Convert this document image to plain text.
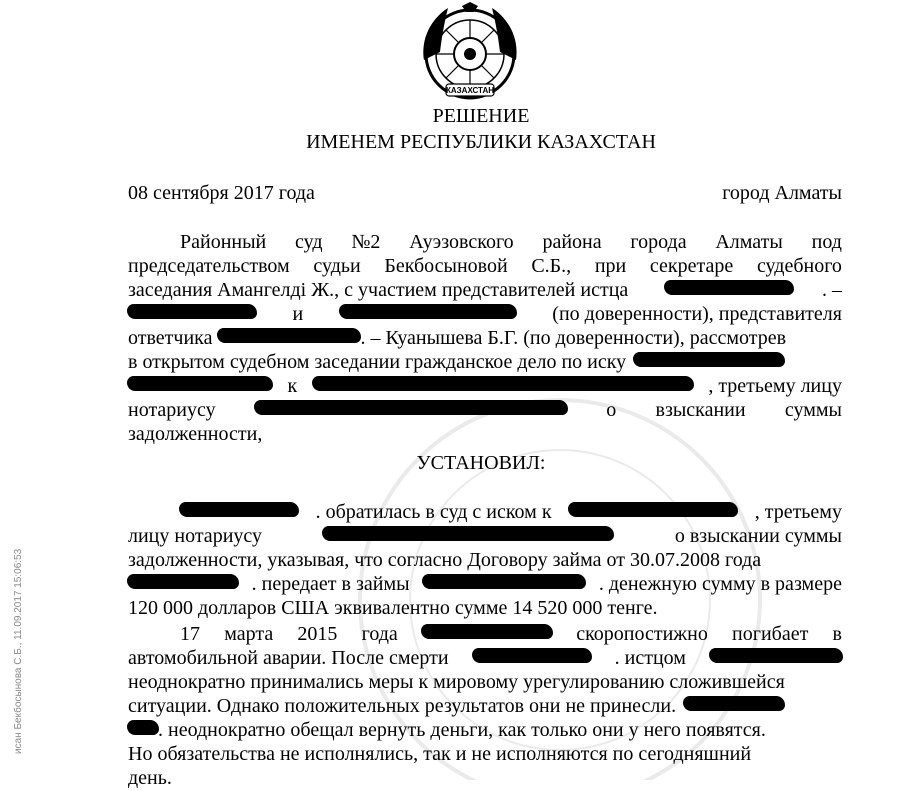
КАЗАХСТАН
РЕШЕНИЕ
ИМЕНЕМ РЕСПУБЛИКИ КАЗАХСТАН
08 сентября 2017 года	город Алматы
Районный суд №2 Ауэзовского района города Алматы под
председательством судьи Бекбосыновой С.Б., при секретаре судебного
заседания Амангелді Ж., с участием представителей истца	. –
и	(по доверенности), представителя
ответчика	. – Куанышева Б.Г. (по доверенности), рассмотрев
в открытом судебном заседании гражданское дело по иску
к	, третьему лицу
нотариусу	о взыскании суммы
задолженности,
УСТАНОВИЛ:
. обратилась в суд с иском к	, третьему
лицу нотариусу	о взыскании суммы
задолженности, указывая, что согласно Договору займа от 30.07.2008 года
. передает в займы	. денежную сумму в размере
120 000 долларов США эквивалентно сумме 14 520 000 тенге.
17 марта 2015 года	скоропостижно погибает в
автомобильной аварии. После смерти	. истцом
неоднократно принимались меры к мировому урегулированию сложившейся
ситуации. Однако положительных результатов они не принесли.
. неоднократно обещал вернуть деньги, как только они у него появятся.
Но обязательства не исполнялись, так и не исполняются по сегодняшний
день.
исан Бекбосынова С.Б., 11.09.2017 15:06:53
